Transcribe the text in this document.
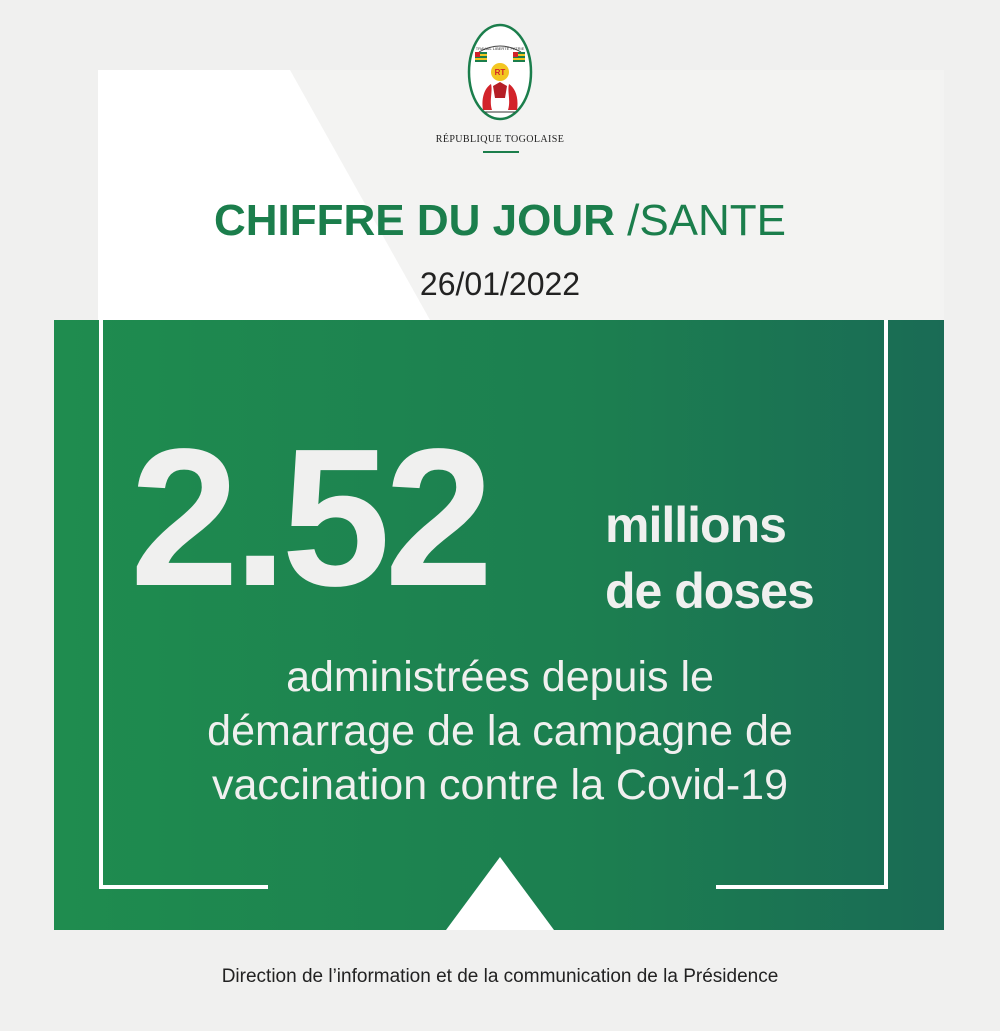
TRAVAIL LIBERTÉ PATRIE
RT
RÉPUBLIQUE TOGOLAISE
CHIFFRE DU JOUR /SANTE
26/01/2022
2.52 millions
de doses
administrées depuis le
démarrage de la campagne de
vaccination contre la Covid-19
Direction de l’information et de la communication de la Présidence
